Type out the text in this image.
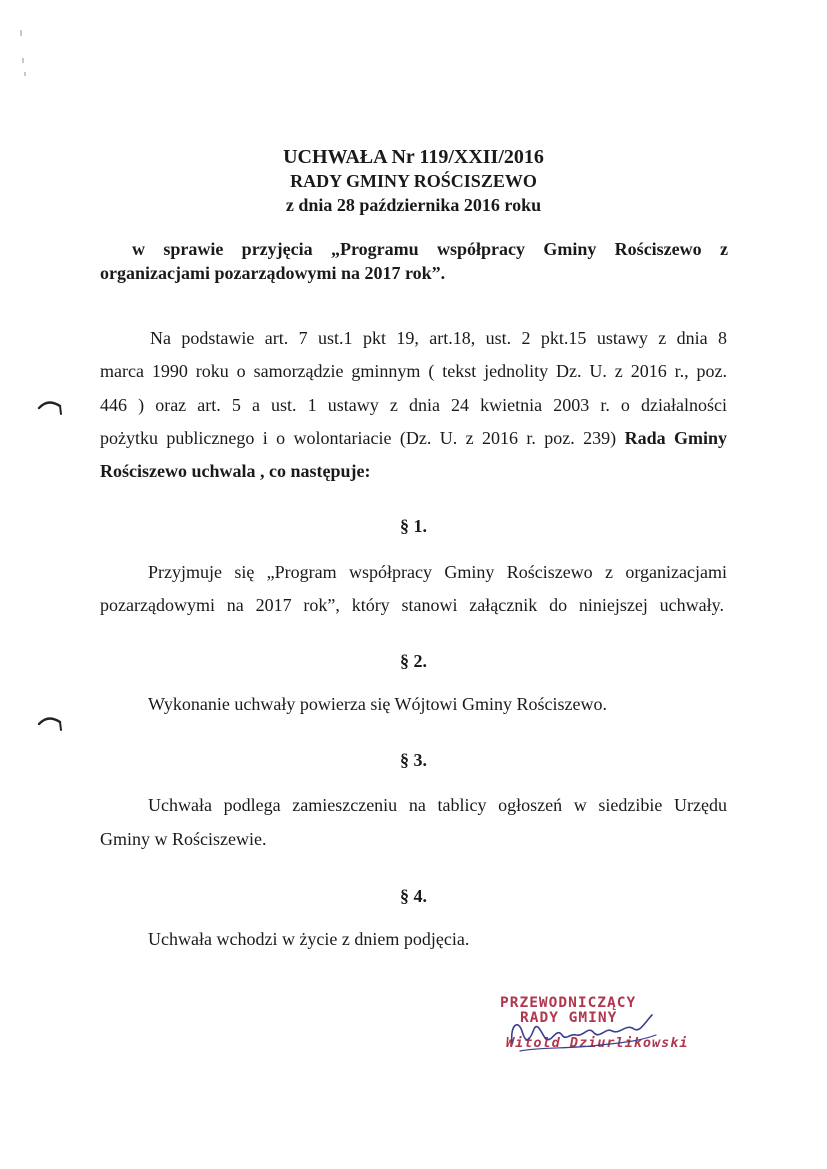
UCHWAŁA Nr 119/XXII/2016
RADY GMINY ROŚCISZEWO
z dnia 28 października 2016 roku
w sprawie przyjęcia „Programu współpracy Gminy Rościszewo z
organizacjami pozarządowymi na 2017 rok”.
Na podstawie art. 7 ust.1 pkt 19, art.18, ust. 2 pkt.15 ustawy z dnia 8
marca 1990 roku o samorządzie gminnym ( tekst jednolity Dz. U. z 2016 r., poz.
446 ) oraz art. 5 a ust. 1 ustawy z dnia 24 kwietnia 2003 r. o działalności
pożytku publicznego i o wolontariacie (Dz. U. z 2016 r. poz. 239) Rada Gminy
Rościszewo uchwala , co następuje:
§ 1.
Przyjmuje się „Program współpracy Gminy Rościszewo z organizacjami
pozarządowymi na 2017 rok”, który stanowi załącznik do niniejszej uchwały.
§ 2.
Wykonanie uchwały powierza się Wójtowi Gminy Rościszewo.
§ 3.
Uchwała podlega zamieszczeniu na tablicy ogłoszeń w siedzibie Urzędu
Gminy w Rościszewie.
§ 4.
Uchwała wchodzi w życie z dniem podjęcia.
PRZEWODNICZĄCY
RADY GMINY
Witold Dziurlikowski
